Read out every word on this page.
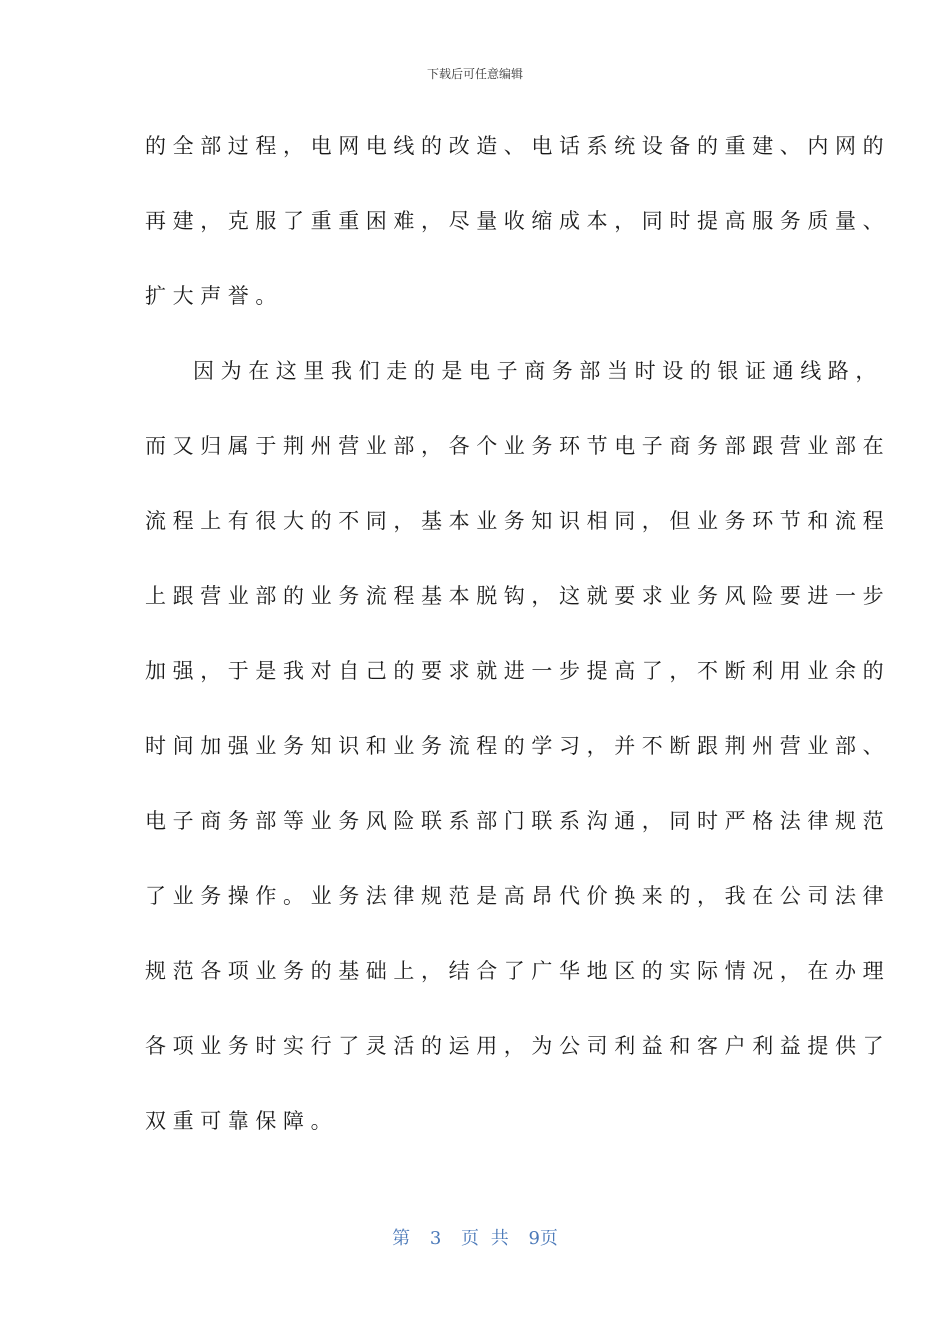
下载后可任意编辑
的全部过程，电网电线的改造、电话系统设备的重建、内网的
再建，克服了重重困难，尽量收缩成本，同时提高服务质量、
扩大声誉。
因为在这里我们走的是电子商务部当时设的银证通线路，
而又归属于荆州营业部，各个业务环节电子商务部跟营业部在
流程上有很大的不同，基本业务知识相同，但业务环节和流程
上跟营业部的业务流程基本脱钩，这就要求业务风险要进一步
加强，于是我对自己的要求就进一步提高了，不断利用业余的
时间加强业务知识和业务流程的学习，并不断跟荆州营业部、
电子商务部等业务风险联系部门联系沟通，同时严格法律规范
了业务操作。业务法律规范是高昂代价换来的，我在公司法律
规范各项业务的基础上，结合了广华地区的实际情况，在办理
各项业务时实行了灵活的运用，为公司利益和客户利益提供了
双重可靠保障。
第 3 页 共 9页
